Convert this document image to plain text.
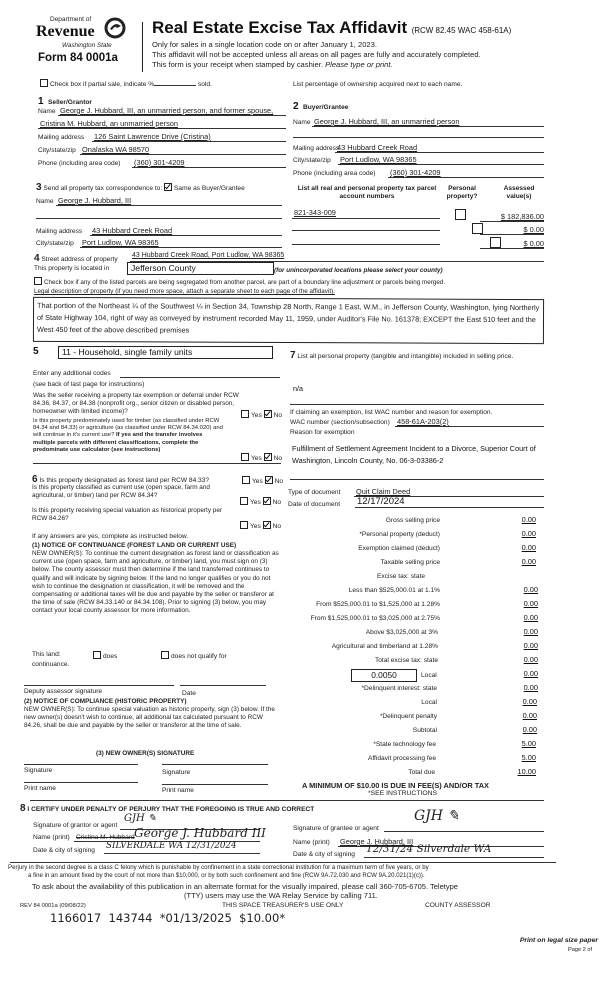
Department of
Revenue
Washington State
Form 84 0001a
Real Estate Excise Tax Affidavit (RCW 82.45 WAC 458-61A)
Only for sales in a single location code on or after January 1, 2023.
This affidavit will not be accepted unless all areas on all pages are fully and accurately completed.
This form is your receipt when stamped by cashier. Please type or print.
Check box if partial sale, indicate %	sold.	List percentage of ownership acquired next to each name.
1 Seller/Grantor
Name George J. Hubbard, III, an unmarried person, and former spouse,
Cristina M. Hubbard, an unmarried person
Mailing address 126 Saint Lawrence Drive (Cristina)
City/state/zip Onalaska WA 98570
Phone (including area code) (360) 301-4209
2 Buyer/Grantee
Name George J. Hubbard, III, an unmarried person
Mailing address
43 Hubbard Creek Road
City/state/zip Port Ludlow, WA 98365
Phone (including area code) (360) 301-4209
3 Send all property tax correspondence to: Same as Buyer/Grantee
Name George J. Hubbard, III
Mailing address 43 Hubbard Creek Road
City/state/zip Port Ludlow, WA 98365
List all real and personal property tax parcel account numbers
Personal property?
Assessed value(s)
821-343-009
	$ 182,836.00

$ 0.00
$ 0.00
4 Street address of property
43 Hubbard Creek Road, Port Ludlow, WA 98365
This property is located in	Jefferson County	(for unincorporated locations please select your county)
Check box if any of the listed parcels are being segregated from another parcel, are part of a boundary line adjustment or parcels being merged.
Legal description of property (if you need more space, attach a separate sheet to each page of the affidavit).
That portion of the Northeast ¼ of the Southwest ¼ in Section 34, Township 28 North, Range 1 East, W.M., in Jefferson County, Washington, lying Northerly of State Highway 104, right of way as conveyed by instrument recorded May 11, 1959, under Auditor's File No. 161378; EXCEPT the East 510 feet and the West 450 feet of the above described premises
5	11 - Household, single family units
Enter any additional codes
(see back of last page for instructions)
Was the seller receiving a property tax exemption or deferral under RCW 84.36, 84.37, or 84.38 (nonprofit org., senior citizen or disabled person, homeowner with limited income)?
Yes No
Is this property predominately used for timber (as classified under RCW 84.34 and 84.33) or agriculture (as classified under RCW 84.34.020) and will continue in it's current use? If yes and the transfer involves multiple parcels with different classifications, complete the predominate use calculator (see instructions)
Yes No
6 Is this property designated as forest land per RCW 84.33?	Yes No
Is this property classified as current use (open space, farm and agricultural, or timber) land per RCW 84.34?
Yes No
Is this property receiving special valuation as historical property per RCW 84.26?
Yes No
If any answers are yes, complete as instructed below.
(1) NOTICE OF CONTINUANCE (FOREST LAND OR CURRENT USE)
NEW OWNER(S): To continue the current designation as forest land or classification as current use (open space, farm and agriculture, or timber) land, you must sign on (3) below. The county assessor must then determine if the land transferred continues to qualify and will indicate by signing below. If the land no longer qualifies or you do not wish to continue the designation or classification, it will be removed and the compensating or additional taxes will be due and payable by the seller or transferor at the time of sale (RCW 84.33.140 or 84.34.108). Prior to signing (3) below, you may contact your local county assessor for more information.
This land:	does	does not qualify for
continuance.
Deputy assessor signature	Date
(2) NOTICE OF COMPLIANCE (HISTORIC PROPERTY)
NEW OWNER(S): To continue special valuation as historic property, sign (3) below. If the new owner(s) doesn't wish to continue, all additional tax calculated pursuant to RCW 84.26, shall be due and payable by the seller or transferor at the time of sale.
(3) NEW OWNER(S) SIGNATURE
Signature	Signature
Print name	Print name
7 List all personal property (tangible and intangible) included in selling price.
n/a
If claiming an exemption, list WAC number and reason for exemption.
WAC number (section/subsection) 458-61A-203(2)
Reason for exemption
Fulfillment of Settlement Agreement Incident to a Divorce, Superior Court of Washington, Lincoln County, No. 06-3-03386-2
Type of document Quit Claim Deed
Date of document 12/17/2024
Gross selling price	0.00
*Personal property (deduct)	0.00
Exemption claimed (deduct)	0.00
Taxable selling price	0.00
Excise tax: state
Less than $525,000.01 at 1.1%	0.00
From $525,000.01 to $1,525,000 at 1.28%	0.00
From $1,525,000.01 to $3,025,000 at 2.75%	0.00
Above $3,025,000 at 3%	0.00
Agricultural and timberland at 1.28%	0.00
Total excise tax: state	0.00
0.0050	Local	0.00
*Delinquent interest: state	0.00
Local	0.00
*Delinquent penalty	0.00
Subtotal	0.00
*State technology fee	5.00
Affidavit processing fee	5.00
Total due	10.00
A MINIMUM OF $10.00 IS DUE IN FEE(S) AND/OR TAX
*SEE INSTRUCTIONS
8 I CERTIFY UNDER PENALTY OF PERJURY THAT THE FOREGOING IS TRUE AND CORRECT
Signature of grantor or agent
GJH ✎
Name (print) Cristina M. Hubbard George J. Hubbard III
Date & city of signing SILVERDALE WA 12/31/2024
Signature of grantee or agent
GJH ✎
Name (print) George J. Hubbard, III
Date & city of signing 12/31/24 Silverdale WA
Perjury in the second degree is a class C felony which is punishable by confinement in a state correctional institution for a maximum term of five years, or by
a fine in an amount fixed by the court of not more than $10,000, or by both such confinement and fine (RCW 9A.72.030 and RCW 9A.20.021(1)(c)).
To ask about the availability of this publication in an alternate format for the visually impaired, please call 360-705-6705. Teletype
(TTY) users may use the WA Relay Service by calling 711.
REV 84 0001a (09/08/22)	THIS SPACE TREASURER'S USE ONLY	COUNTY ASSESSOR
1166017  143744  *01/13/2025  $10.00*
Print on legal size paper
Page 2 of
